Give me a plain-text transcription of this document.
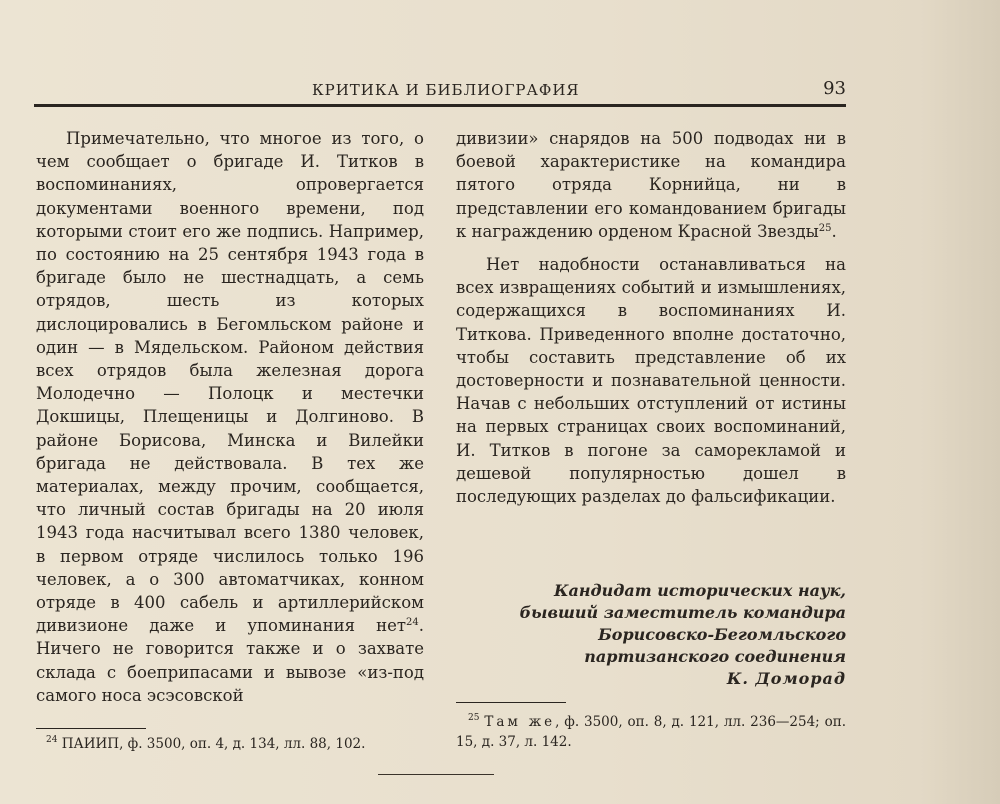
КРИТИКА И БИБЛИОГРАФИЯ	93

Примечательно, что многое из того, о чем сообщает о бригаде И. Титков в воспоминаниях, опровергается документами военного времени, под которыми стоит его же подпись. Например, по состоянию на 25 сентября 1943 года в бригаде было не шестнадцать, а семь отрядов, шесть из которых дислоцировались в Бегомльском районе и один — в Мядельском. Районом действия всех отрядов была железная дорога Молодечно — Полоцк и местечки Докшицы, Плещеницы и Долгиново. В районе Борисова, Минска и Вилейки бригада не действовала. В тех же материалах, между прочим, сообщается, что личный состав бригады на 20 июля 1943 года насчитывал всего 1380 человек, в первом отряде числилось только 196 человек, а о 300 автоматчиках, конном отряде в 400 сабель и артиллерийском дивизионе даже и упоминания нет$^{24}$. Ничего не говорится также и о захвате склада с боеприпасами и вывозе «из-под самого носа эсэсовской

дивизии» снарядов на 500 подводах ни в боевой характеристике на командира пятого отряда Корнийца, ни в представлении его командованием бригады к награждению орденом Красной Звезды$^{25}$.

Нет надобности останавливаться на всех извращениях событий и измышлениях, содержащихся в воспоминаниях И. Титкова. Приведенного вполне достаточно, чтобы составить представление об их достоверности и познавательной ценности. Начав с небольших отступлений от истины на первых страницах своих воспоминаний, И. Титков в погоне за саморекламой и дешевой популярностью дошел в последующих разделах до фальсификации.

Кандидат исторических наук,
бывший заместитель командира
Борисовско-Бегомльского
партизанского соединения
К. Доморад
$^{24}$ ПАИИП, ф. 3500, оп. 4, д. 134, лл. 88, 102.
$^{25}$ Там же, ф. 3500, оп. 8, д. 121, лл. 236—254; оп. 15, д. 37, л. 142.
